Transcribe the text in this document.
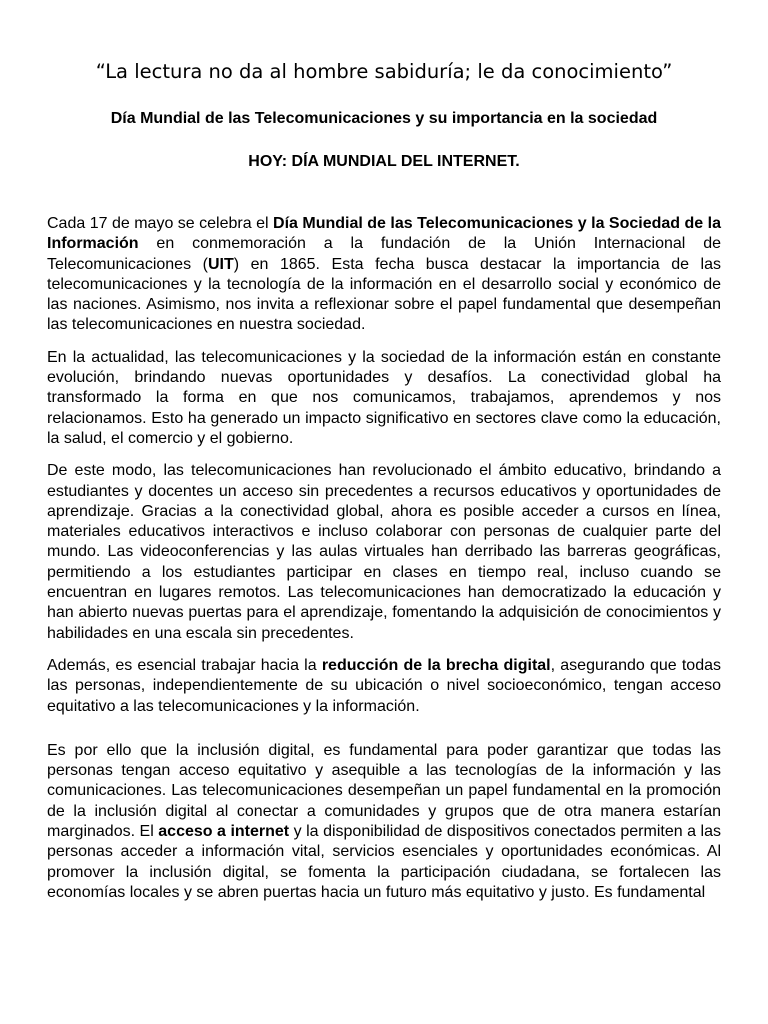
“La lectura no da al hombre sabiduría; le da conocimiento”
Día Mundial de las Telecomunicaciones y su importancia en la sociedad
HOY: DÍA MUNDIAL DEL INTERNET.

Cada 17 de mayo se celebra el Día Mundial de las Telecomunicaciones y la Sociedad de la Información en conmemoración a la fundación de la Unión Internacional de Telecomunicaciones (UIT) en 1865. Esta fecha busca destacar la importancia de las telecomunicaciones y la tecnología de la información en el desarrollo social y económico de las naciones. Asimismo, nos invita a reflexionar sobre el papel fundamental que desempeñan las telecomunicaciones en nuestra sociedad.

En la actualidad, las telecomunicaciones y la sociedad de la información están en constante evolución, brindando nuevas oportunidades y desafíos. La conectividad global ha transformado la forma en que nos comunicamos, trabajamos, aprendemos y nos relacionamos. Esto ha generado un impacto significativo en sectores clave como la educación, la salud, el comercio y el gobierno.

De este modo, las telecomunicaciones han revolucionado el ámbito educativo, brindando a estudiantes y docentes un acceso sin precedentes a recursos educativos y oportunidades de aprendizaje. Gracias a la conectividad global, ahora es posible acceder a cursos en línea, materiales educativos interactivos e incluso colaborar con personas de cualquier parte del mundo. Las videoconferencias y las aulas virtuales han derribado las barreras geográficas, permitiendo a los estudiantes participar en clases en tiempo real, incluso cuando se encuentran en lugares remotos. Las telecomunicaciones han democratizado la educación y han abierto nuevas puertas para el aprendizaje, fomentando la adquisición de conocimientos y habilidades en una escala sin precedentes.

Además, es esencial trabajar hacia la reducción de la brecha digital, asegurando que todas las personas, independientemente de su ubicación o nivel socioeconómico, tengan acceso equitativo a las telecomunicaciones y la información.

Es por ello que la inclusión digital, es fundamental para poder garantizar que todas las personas tengan acceso equitativo y asequible a las tecnologías de la información y las comunicaciones. Las telecomunicaciones desempeñan un papel fundamental en la promoción de la inclusión digital al conectar a comunidades y grupos que de otra manera estarían marginados. El acceso a internet y la disponibilidad de dispositivos conectados permiten a las personas acceder a información vital, servicios esenciales y oportunidades económicas. Al promover la inclusión digital, se fomenta la participación ciudadana, se fortalecen las economías locales y se abren puertas hacia un futuro más equitativo y justo. Es fundamental
